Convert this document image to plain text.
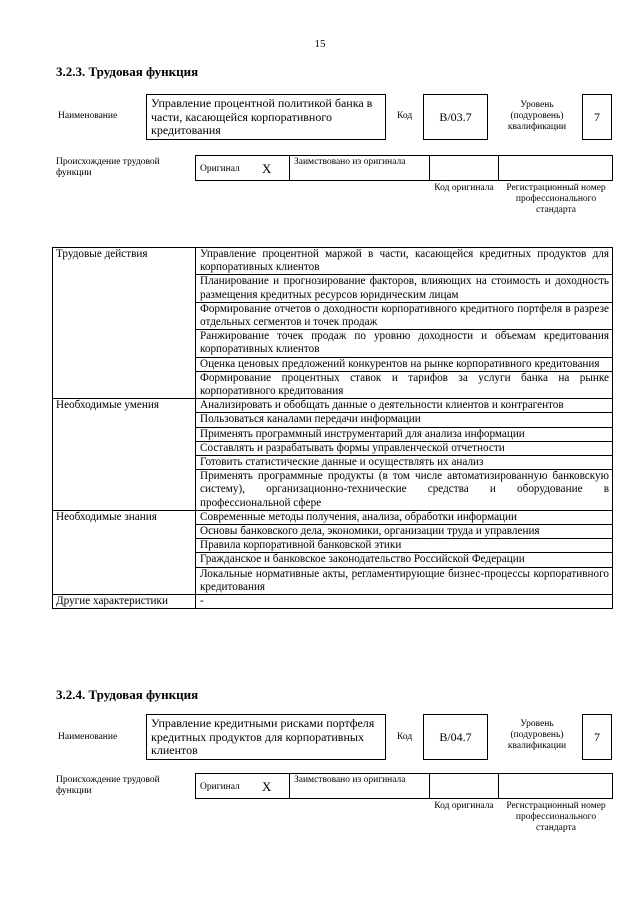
15
3.2.3. Трудовая функция
Наименование
Управление процентной политикой банка в части, касающейся корпоративного кредитования
Код	B/03.7
Уровень (подуровень) квалификации
7
Происхождение трудовой функции	Оригинал X Заимствовано из оригинала
Код оригинала	Регистрационный номер профессионального стандарта
Трудовые действия	Управление процентной маржой в части, касающейся кредитных продуктов для корпоративных клиентов
	Планирование и прогнозирование факторов, влияющих на стоимость и доходность размещения кредитных ресурсов юридическим лицам
	Формирование отчетов о доходности корпоративного кредитного портфеля в разрезе отдельных сегментов и точек продаж
	Ранжирование точек продаж по уровню доходности и объемам кредитования корпоративных клиентов
	Оценка ценовых предложений конкурентов на рынке корпоративного кредитования
	Формирование процентных ставок и тарифов за услуги банка на рынке корпоративного кредитования
Необходимые умения	Анализировать и обобщать данные о деятельности клиентов и контрагентов
	Пользоваться каналами передачи информации
	Применять программный инструментарий для анализа информации
	Составлять и разрабатывать формы управленческой отчетности
	Готовить статистические данные и осуществлять их анализ
	Применять программные продукты (в том числе автоматизированную банковскую систему), организационно-технические средства и оборудование в профессиональной сфере
Необходимые знания	Современные методы получения, анализа, обработки информации
	Основы банковского дела, экономики, организации труда и управления
	Правила корпоративной банковской этики
	Гражданское и банковское законодательство Российской Федерации
	Локальные нормативные акты, регламентирующие бизнес-процессы корпоративного кредитования
Другие характеристики	-
3.2.4. Трудовая функция
Наименование
Управление кредитными рисками портфеля кредитных продуктов для корпоративных клиентов
Код	B/04.7
Уровень (подуровень) квалификации
7
Происхождение трудовой функции	Оригинал X Заимствовано из оригинала
Код оригинала	Регистрационный номер профессионального стандарта
